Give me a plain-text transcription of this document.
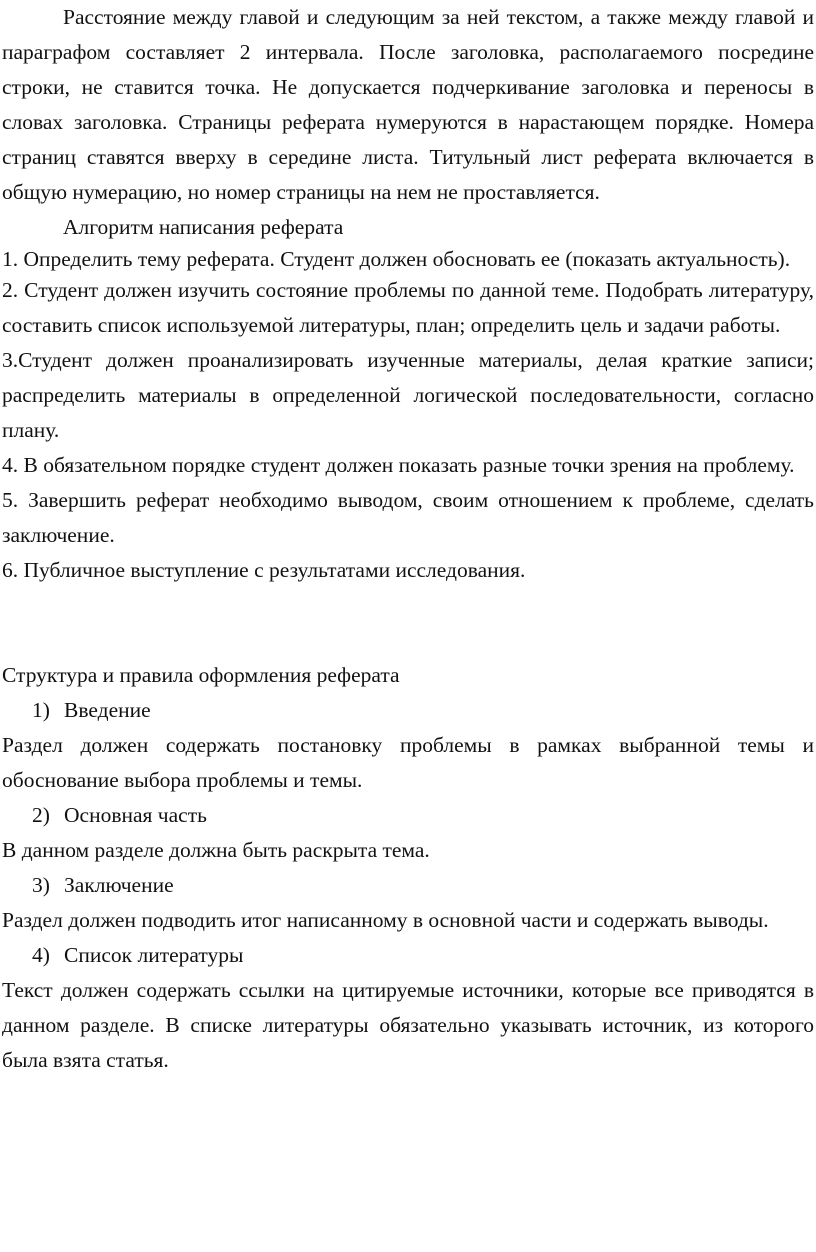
Расстояние между главой и следующим за ней текстом, а также между главой и параграфом составляет 2 интервала. После заголовка, располагаемого посредине строки, не ставится точка. Не допускается подчеркивание заголовка и переносы в словах заголовка. Страницы реферата нумеруются в нарастающем порядке. Номера страниц ставятся вверху в середине листа. Титульный лист реферата включается в общую нумерацию, но номер страницы на нем не проставляется.

Алгоритм написания реферата

1. Определить тему реферата. Студент должен обосновать ее (показать актуальность).

2. Студент должен изучить состояние проблемы по данной теме. Подобрать литературу, составить список используемой литературы, план; определить цель и задачи работы.

3.Студент должен проанализировать изученные материалы, делая краткие записи; распределить материалы в определенной логической последовательности, согласно плану.

4. В обязательном порядке студент должен показать разные точки зрения на проблему.

5. Завершить реферат необходимо выводом, своим отношением к проблеме, сделать заключение.

6. Публичное выступление с результатами исследования.

Структура и правила оформления реферата

1) Введение

Раздел должен содержать постановку проблемы в рамках выбранной темы и обоснование выбора проблемы и темы.

2) Основная часть

В данном разделе должна быть раскрыта тема.

3) Заключение

Раздел должен подводить итог написанному в основной части и содержать выводы.

4) Список литературы

Текст должен содержать ссылки на цитируемые источники, которые все приводятся в данном разделе. В списке литературы обязательно указывать источник, из которого была взята статья.
